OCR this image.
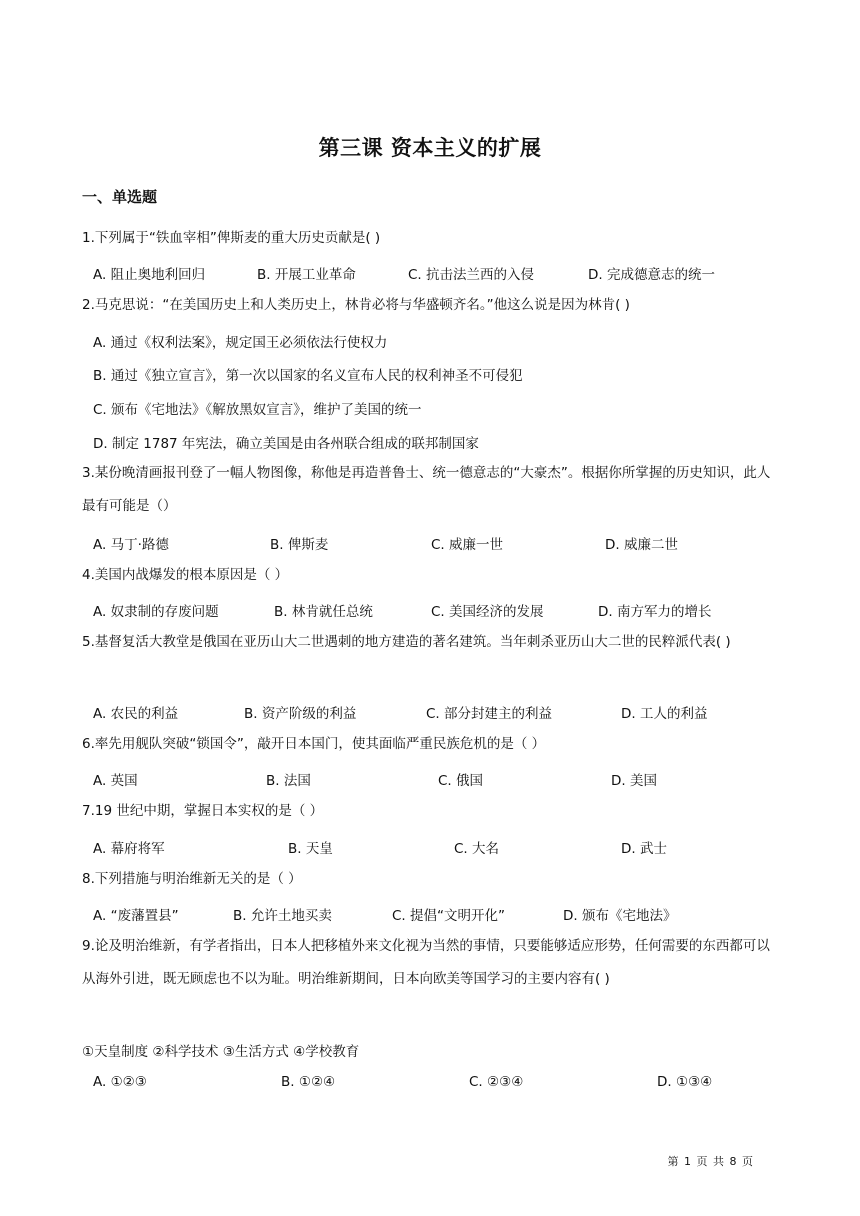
第三课 资本主义的扩展
一、单选题
1.下列属于“铁血宰相”俾斯麦的重大历史贡献是( )
A. 阻止奥地利回归	B. 开展工业革命	C. 抗击法兰西的入侵	D. 完成德意志的统一
2.马克思说：“在美国历史上和人类历史上，林肯必将与华盛顿齐名。”他这么说是因为林肯( )
A. 通过《权利法案》，规定国王必须依法行使权力
B. 通过《独立宣言》，第一次以国家的名义宣布人民的权利神圣不可侵犯
C. 颁布《宅地法》《解放黑奴宣言》，维护了美国的统一
D. 制定 1787 年宪法，确立美国是由各州联合组成的联邦制国家
3.某份晚清画报刊登了一幅人物图像，称他是再造普鲁士、统一德意志的“大豪杰”。根据你所掌握的历史知识，此人最有可能是（）
A. 马丁·路德	B. 俾斯麦	C. 威廉一世	D. 威廉二世
4.美国内战爆发的根本原因是（ ）
A. 奴隶制的存废问题	B. 林肯就任总统	C. 美国经济的发展	D. 南方军力的增长
5.基督复活大教堂是俄国在亚历山大二世遇刺的地方建造的著名建筑。当年刺杀亚历山大二世的民粹派代表( )
A. 农民的利益	B. 资产阶级的利益	C. 部分封建主的利益	D. 工人的利益
6.率先用舰队突破“锁国令”，敲开日本国门，使其面临严重民族危机的是（ ）
A. 英国	B. 法国	C. 俄国	D. 美国
7.19 世纪中期，掌握日本实权的是（ ）
A. 幕府将军	B. 天皇	C. 大名	D. 武士
8.下列措施与明治维新无关的是（ ）
A. “废藩置县”	B. 允许土地买卖	C. 提倡“文明开化”	D. 颁布《宅地法》
9.论及明治维新，有学者指出，日本人把移植外来文化视为当然的事情，只要能够适应形势，任何需要的东西都可以从海外引进，既无顾虑也不以为耻。明治维新期间，日本向欧美等国学习的主要内容有( )
①天皇制度 ②科学技术 ③生活方式 ④学校教育
A. ①②③	B. ①②④	C. ②③④	D. ①③④
第 1 页 共 8 页
